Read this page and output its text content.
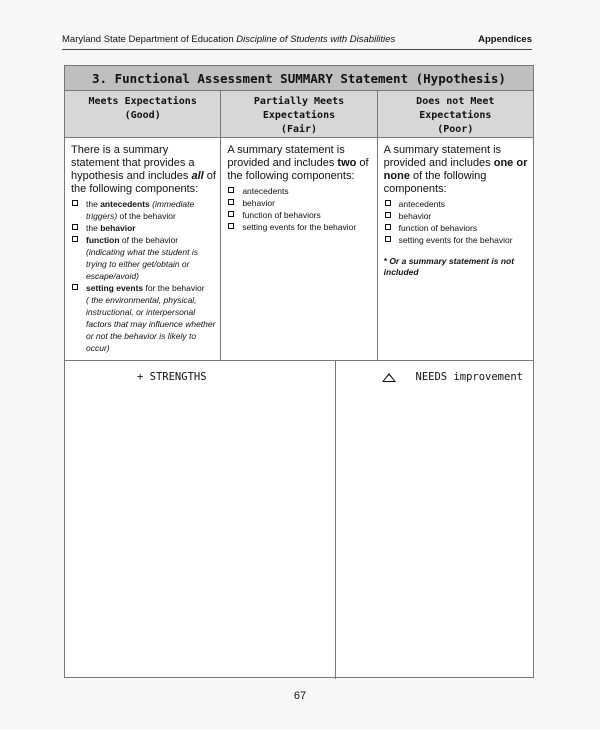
Maryland State Department of Education Discipline of Students with Disabilities	Appendices
3. Functional Assessment SUMMARY Statement (Hypothesis)
Meets Expectations
(Good)
Partially Meets
Expectations
(Fair)
Does not Meet
Expectations
(Poor)
There is a summary statement that provides a hypothesis and includes all of the following components:
the antecedents (immediate triggers) of the behavior
the behavior
function of the behavior
(indicating what the student is trying to either get/obtain or escape/avoid)
setting events for the behavior
( the environmental, physical, instructional, or interpersonal factors that may influence whether or not the behavior is likely to occur)
A summary statement is provided and includes two of the following components:
antecedents
behavior
function of behaviors
setting events for the behavior
A summary statement is provided and includes one or none of the following components:
antecedents
behavior
function of behaviors
setting events for the behavior
* Or a summary statement is not included
+ STRENGTHS	NEEDS improvement
67
